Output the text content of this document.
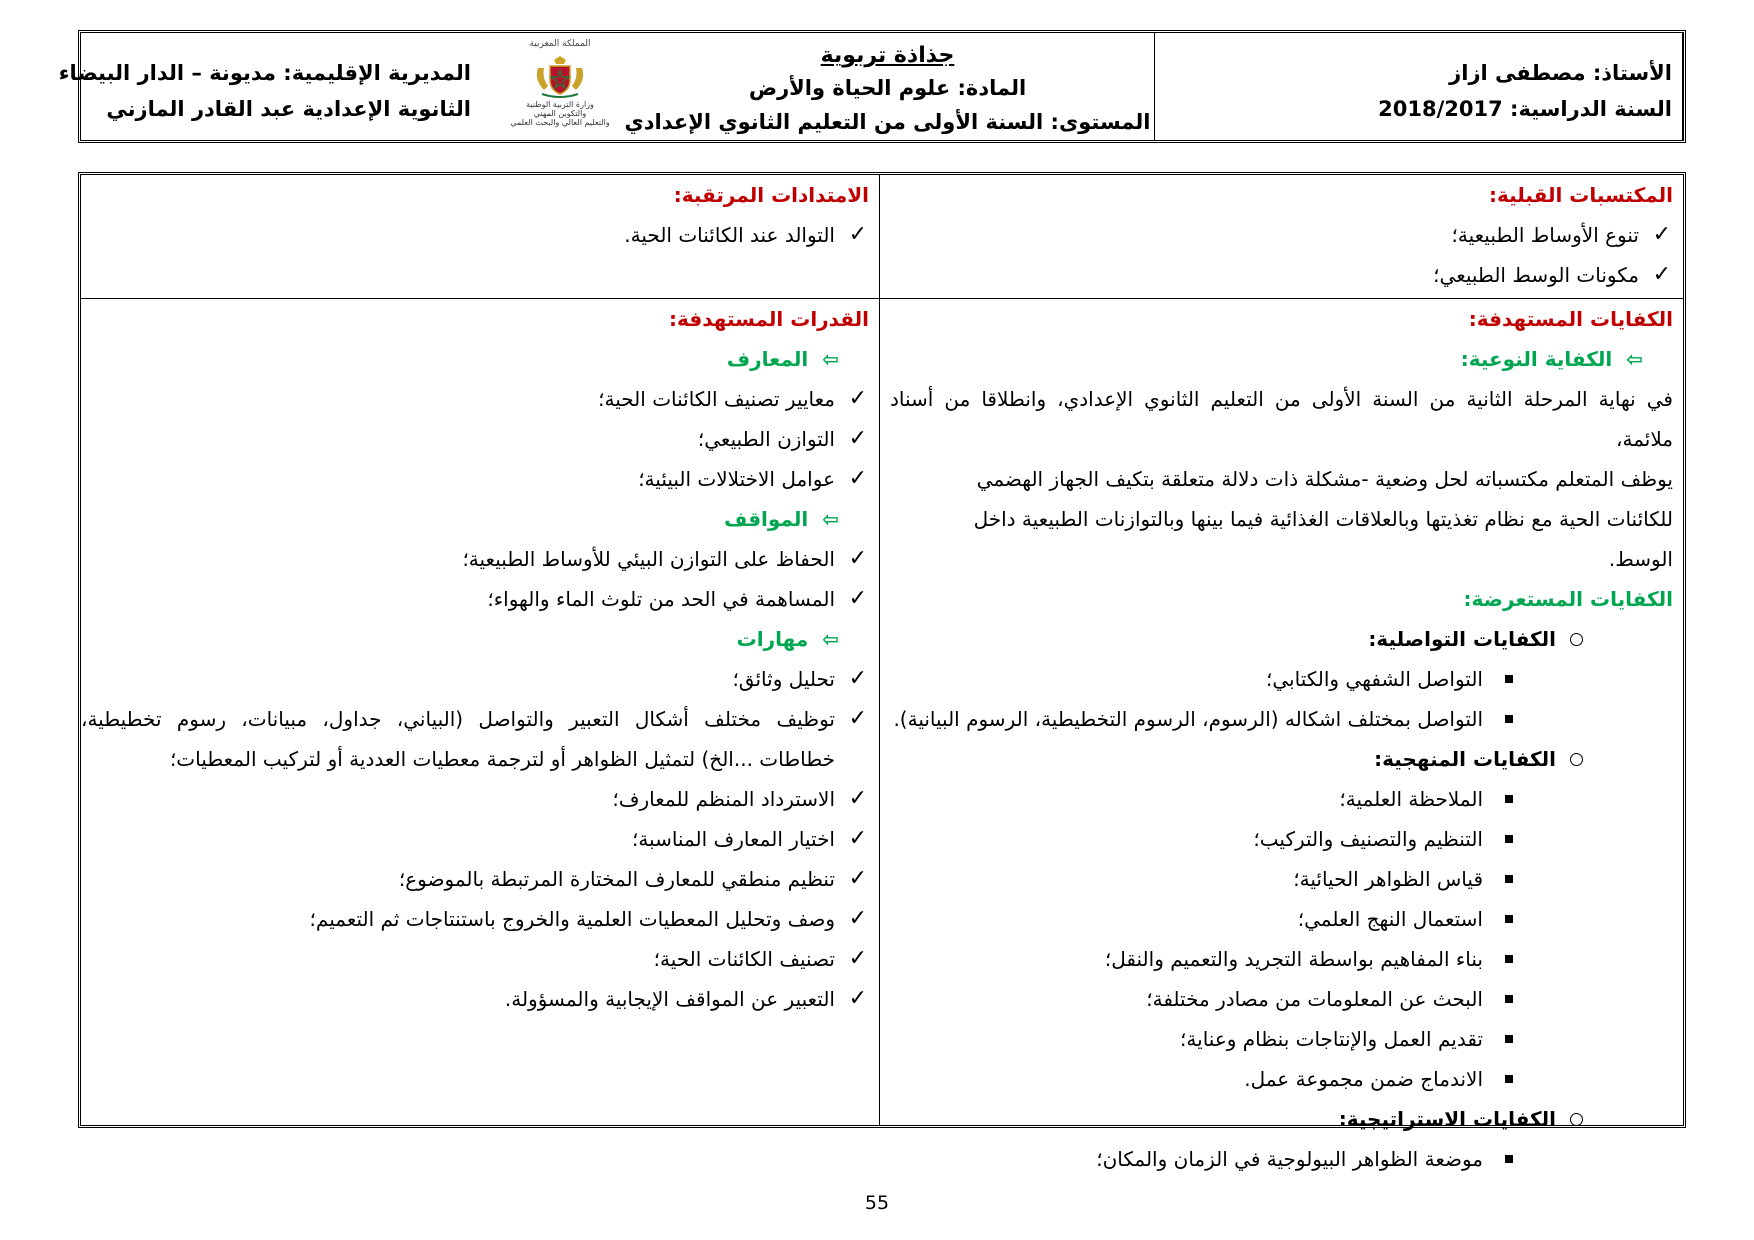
المملكة المغربية
وزارة التربية الوطنية
والتكوين المهني
والتعليم العالي والبحث العلمي
المديرية الإقليمية: مديونة – الدار البيضاء
الثانوية الإعدادية عبد القادر المازني
جذاذة تربوية
المادة: علوم الحياة والأرض
المستوى: السنة الأولى من التعليم الثانوي الإعدادي
الأستاذ: مصطفى ازاز
السنة الدراسية: 2018/2017
المكتسبات القبلية:
✓
تنوع الأوساط الطبيعية؛
✓
مكونات الوسط الطبيعي؛
الامتدادات المرتقبة:
✓
التوالد عند الكائنات الحية.
الكفايات المستهدفة:
⇦
الكفاية النوعية:
في نهاية المرحلة الثانية من السنة الأولى من التعليم الثانوي الإعدادي، وانطلاقا من أسناد ملائمة،
يوظف المتعلم مكتسباته لحل وضعية -مشكلة ذات دلالة متعلقة بتكيف الجهاز الهضمي
للكائنات الحية مع نظام تغذيتها وبالعلاقات الغذائية فيما بينها وبالتوازنات الطبيعية داخل
الوسط.
الكفايات المستعرضة:
الكفايات التواصلية:
التواصل الشفهي والكتابي؛
التواصل بمختلف اشكاله (الرسوم، الرسوم التخطيطية، الرسوم البيانية).
الكفايات المنهجية:
الملاحظة العلمية؛
التنظيم والتصنيف والتركيب؛
قياس الظواهر الحيائية؛
استعمال النهج العلمي؛
بناء المفاهيم بواسطة التجريد والتعميم والنقل؛
البحث عن المعلومات من مصادر مختلفة؛
تقديم العمل والإنتاجات بنظام وعناية؛
الاندماج ضمن مجموعة عمل.
الكفايات الاستراتيجية:
موضعة الظواهر البيولوجية في الزمان والمكان؛
القدرات المستهدفة:
⇦
المعارف
✓
معايير تصنيف الكائنات الحية؛
✓
التوازن الطبيعي؛
✓
عوامل الاختلالات البيئية؛
⇦
المواقف
✓
الحفاظ على التوازن البيئي للأوساط الطبيعية؛
✓
المساهمة في الحد من تلوث الماء والهواء؛
⇦
مهارات
✓
تحليل وثائق؛
✓
توظيف مختلف أشكال التعبير والتواصل (البياني، جداول، مبيانات، رسوم تخطيطية، خطاطات ...الخ) لتمثيل الظواهر أو لترجمة معطيات العددية أو لتركيب المعطيات؛
✓
الاسترداد المنظم للمعارف؛
✓
اختيار المعارف المناسبة؛
✓
تنظيم منطقي للمعارف المختارة المرتبطة بالموضوع؛
✓
وصف وتحليل المعطيات العلمية والخروج باستنتاجات ثم التعميم؛
✓
تصنيف الكائنات الحية؛
✓
التعبير عن المواقف الإيجابية والمسؤولة.
55
